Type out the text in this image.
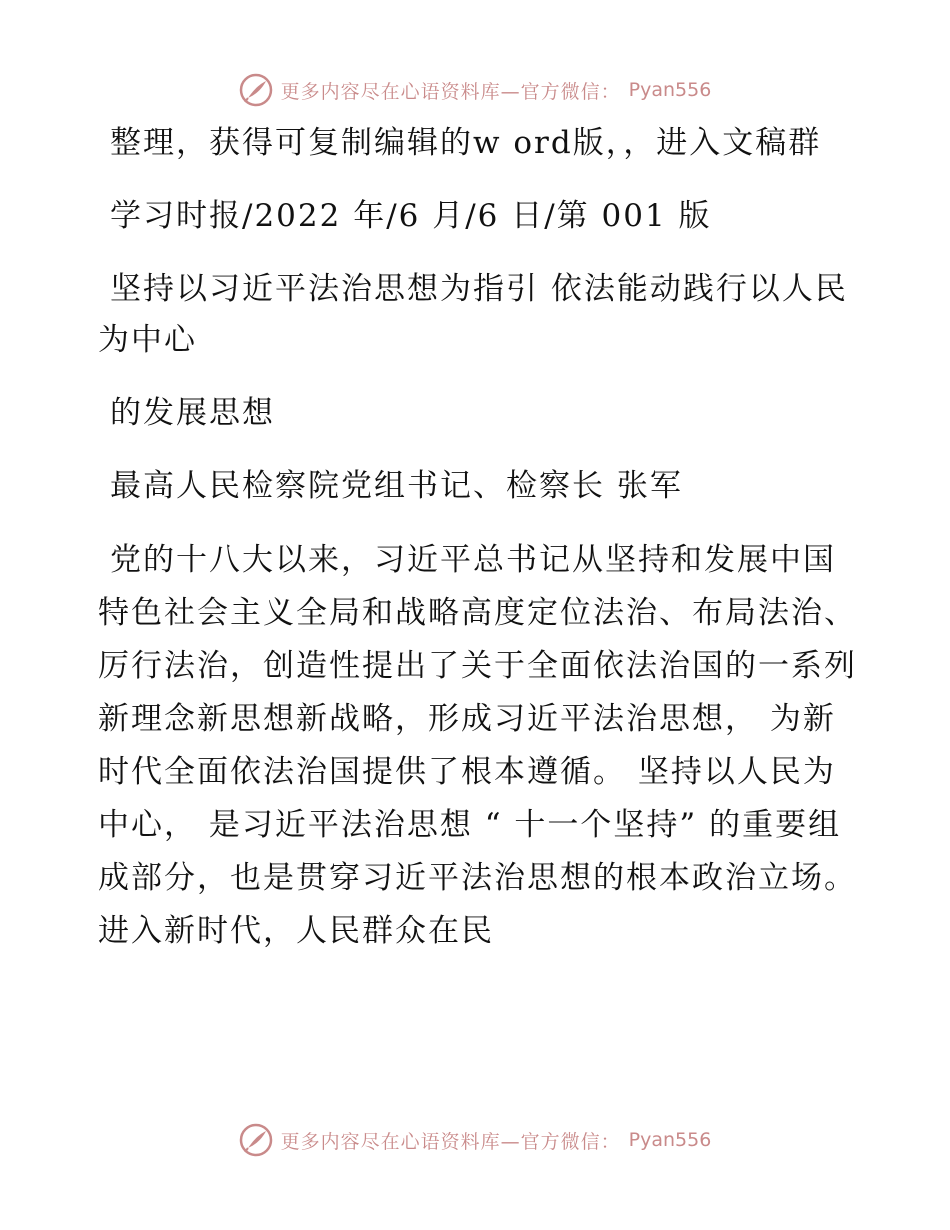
更多内容尽在心语资料库—官方微信： Pyan556

整理，获得可复制编辑的w ord版，，进入文稿群

学习时报/2022 年/6 月/6 日/第 001 版

坚持以习近平法治思想为指引 依法能动践行以人民为中心

的发展思想

最高人民检察院党组书记、检察长 张军

党的十八大以来，习近平总书记从坚持和发展中国特色社会主义全局和战略高度定位法治、布局法治、厉行法治，创造性提出了关于全面依法治国的一系列新理念新思想新战略，形成习近平法治思想， 为新时代全面依法治国提供了根本遵循。 坚持以人民为中心， 是习近平法治思想 “ 十一个坚持” 的重要组成部分，也是贯穿习近平法治思想的根本政治立场。进入新时代，人民群众在民

更多内容尽在心语资料库—官方微信： Pyan556
